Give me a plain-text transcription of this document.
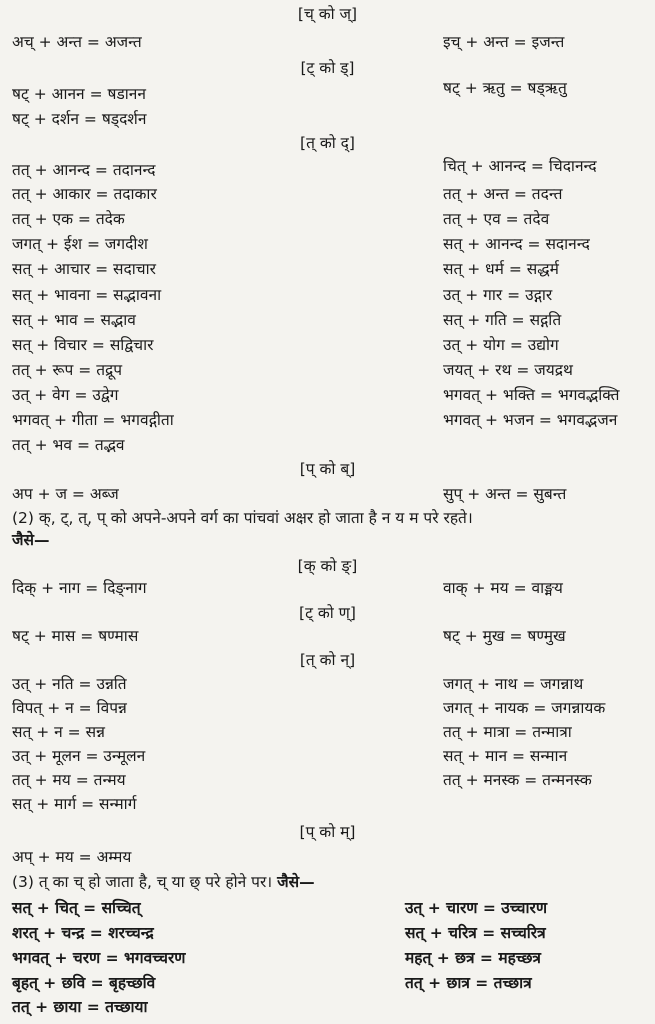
[च् को ज्]
अच् + अन्त = अजन्त	इच् + अन्त = इजन्त
[ट् को ड्]
षट् + आनन = षडानन	षट् + ऋतु = षड्ऋतु
षट् + दर्शन = षड्दर्शन
[त् को द्]
तत् + आनन्द = तदानन्द	चित् + आनन्द = चिदानन्द
तत् + आकार = तदाकार	तत् + अन्त = तदन्त
तत् + एक = तदेक	तत् + एव = तदेव
जगत् + ईश = जगदीश	सत् + आनन्द = सदानन्द
सत् + आचार = सदाचार	सत् + धर्म = सद्धर्म
सत् + भावना = सद्भावना	उत् + गार = उद्गार
सत् + भाव = सद्भाव	सत् + गति = सद्गति
सत् + विचार = सद्विचार	उत् + योग = उद्योग
तत् + रूप = तद्रूप	जयत् + रथ = जयद्रथ
उत् + वेग = उद्वेग	भगवत् + भक्ति = भगवद्भक्ति
भगवत् + गीता = भगवद्गीता	भगवत् + भजन = भगवद्भजन
तत् + भव = तद्भव
[प् को ब्]
अप + ज = अब्ज	सुप् + अन्त = सुबन्त
(2) क्, ट्, त्, प् को अपने-अपने वर्ग का पांचवां अक्षर हो जाता है न य म परे रहते।
जैसे—
[क् को ङ्]
दिक् + नाग = दिङ्नाग	वाक् + मय = वाङ्मय
[ट् को ण्]
षट् + मास = षण्मास	षट् + मुख = षण्मुख
[त् को न्]
उत् + नति = उन्नति	जगत् + नाथ = जगन्नाथ
विपत् + न = विपन्न	जगत् + नायक = जगन्नायक
सत् + न = सन्न	तत् + मात्रा = तन्मात्रा
उत् + मूलन = उन्मूलन	सत् + मान = सन्मान
तत् + मय = तन्मय	तत् + मनस्क = तन्मनस्क
सत् + मार्ग = सन्मार्ग
[प् को म्]
अप् + मय = अम्मय
(3) त् का च् हो जाता है, च् या छ् परे होने पर। जैसे—
सत् + चित् = सच्चित्	उत् + चारण = उच्चारण
शरत् + चन्द्र = शरच्चन्द्र	सत् + चरित्र = सच्चरित्र
भगवत् + चरण = भगवच्चरण	महत् + छत्र = महच्छत्र
बृहत् + छवि = बृहच्छवि	तत् + छात्र = तच्छात्र
तत् + छाया = तच्छाया
